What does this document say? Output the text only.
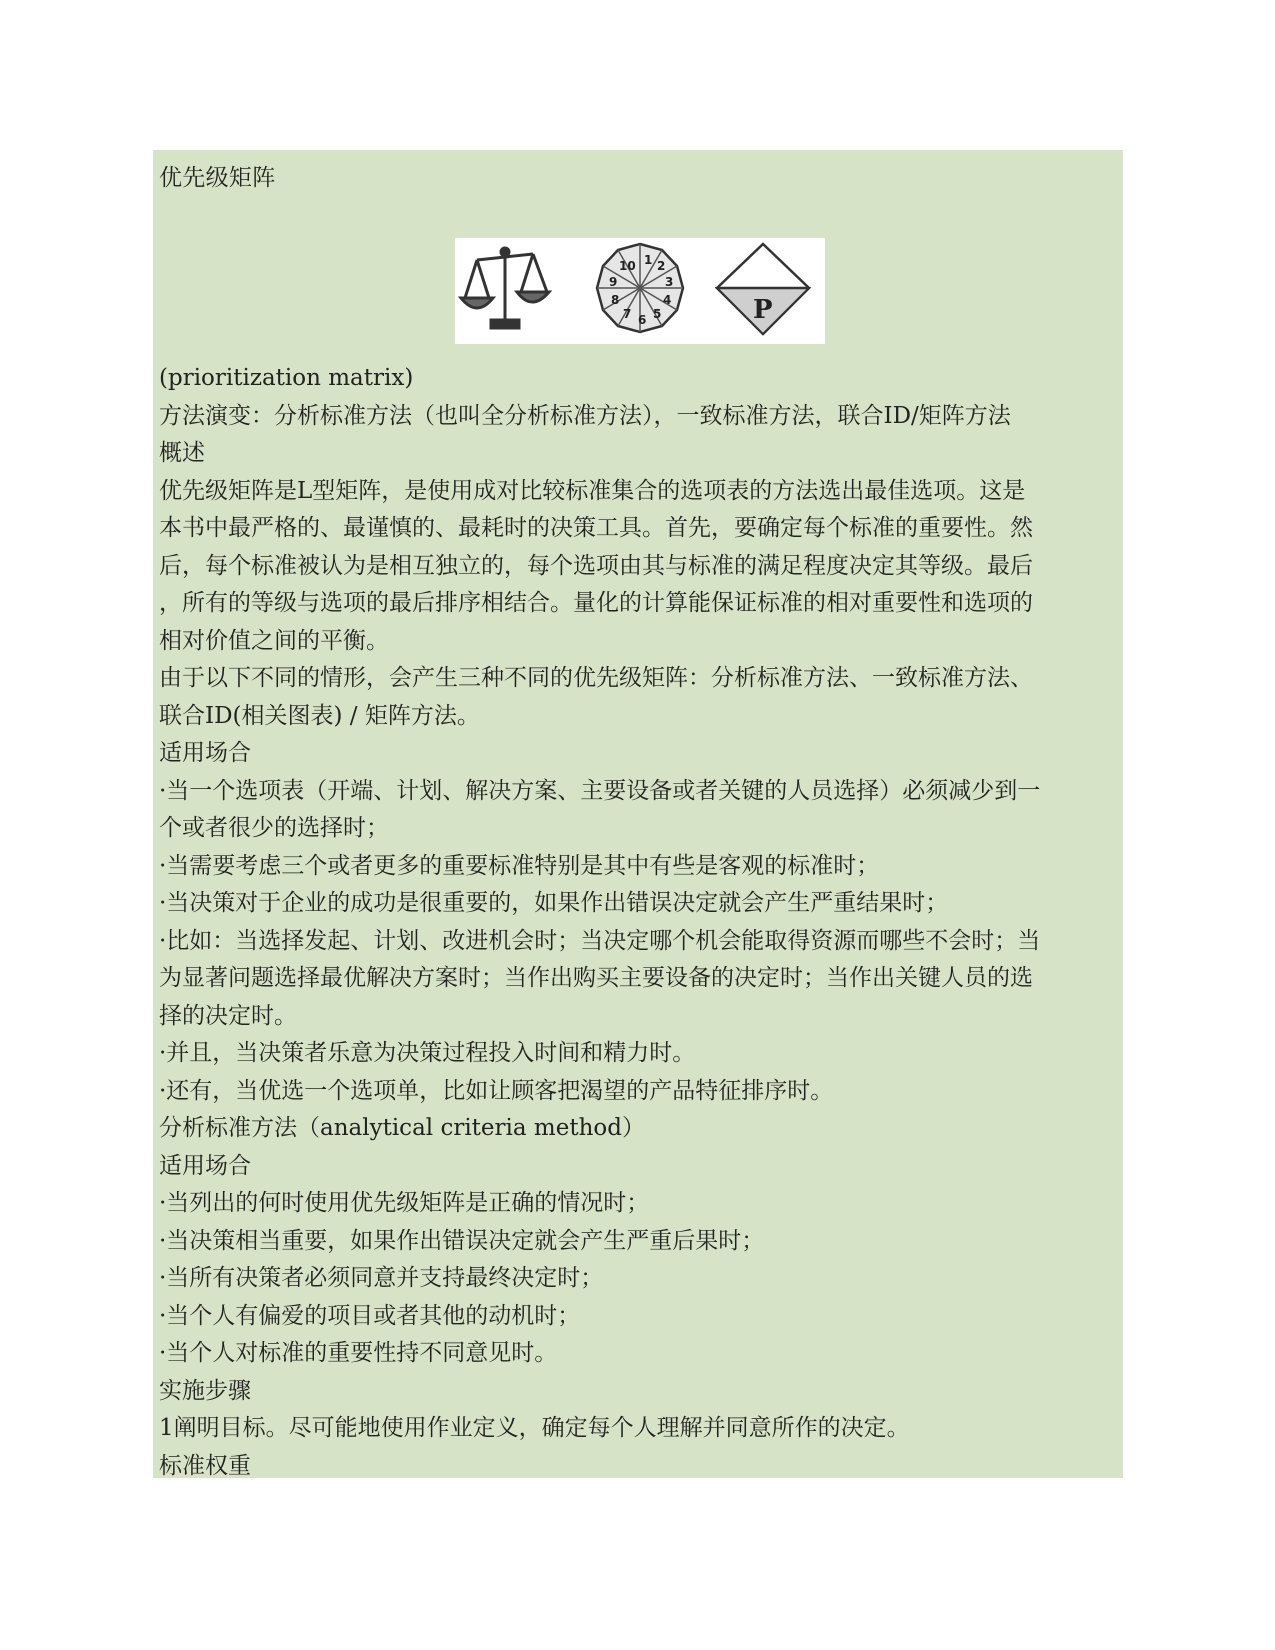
优先级矩阵
1 2
3
4
5
6
7
8
9
10
P
(prioritization matrix)
方法演变：分析标准方法（也叫全分析标准方法），一致标准方法，联合ID/矩阵方法
概述
优先级矩阵是L型矩阵，是使用成对比较标准集合的选项表的方法选出最佳选项。这是
本书中最严格的、最谨慎的、最耗时的决策工具。首先，要确定每个标准的重要性。然
后，每个标准被认为是相互独立的，每个选项由其与标准的满足程度决定其等级。最后
，所有的等级与选项的最后排序相结合。量化的计算能保证标准的相对重要性和选项的
相对价值之间的平衡。
由于以下不同的情形，会产生三种不同的优先级矩阵：分析标准方法、一致标准方法、
联合ID(相关图表) / 矩阵方法。
适用场合
·当一个选项表（开端、计划、解决方案、主要设备或者关键的人员选择）必须减少到一
个或者很少的选择时；
·当需要考虑三个或者更多的重要标准特别是其中有些是客观的标准时；
·当决策对于企业的成功是很重要的，如果作出错误决定就会产生严重结果时；
·比如：当选择发起、计划、改进机会时；当决定哪个机会能取得资源而哪些不会时；当
为显著问题选择最优解决方案时；当作出购买主要设备的决定时；当作出关键人员的选
择的决定时。
·并且，当决策者乐意为决策过程投入时间和精力时。
·还有，当优选一个选项单，比如让顾客把渴望的产品特征排序时。
分析标准方法（analytical criteria method）
适用场合
·当列出的何时使用优先级矩阵是正确的情况时；
·当决策相当重要，如果作出错误决定就会产生严重后果时；
·当所有决策者必须同意并支持最终决定时；
·当个人有偏爱的项目或者其他的动机时；
·当个人对标准的重要性持不同意见时。
实施步骤
1阐明目标。尽可能地使用作业定义，确定每个人理解并同意所作的决定。
标准权重
